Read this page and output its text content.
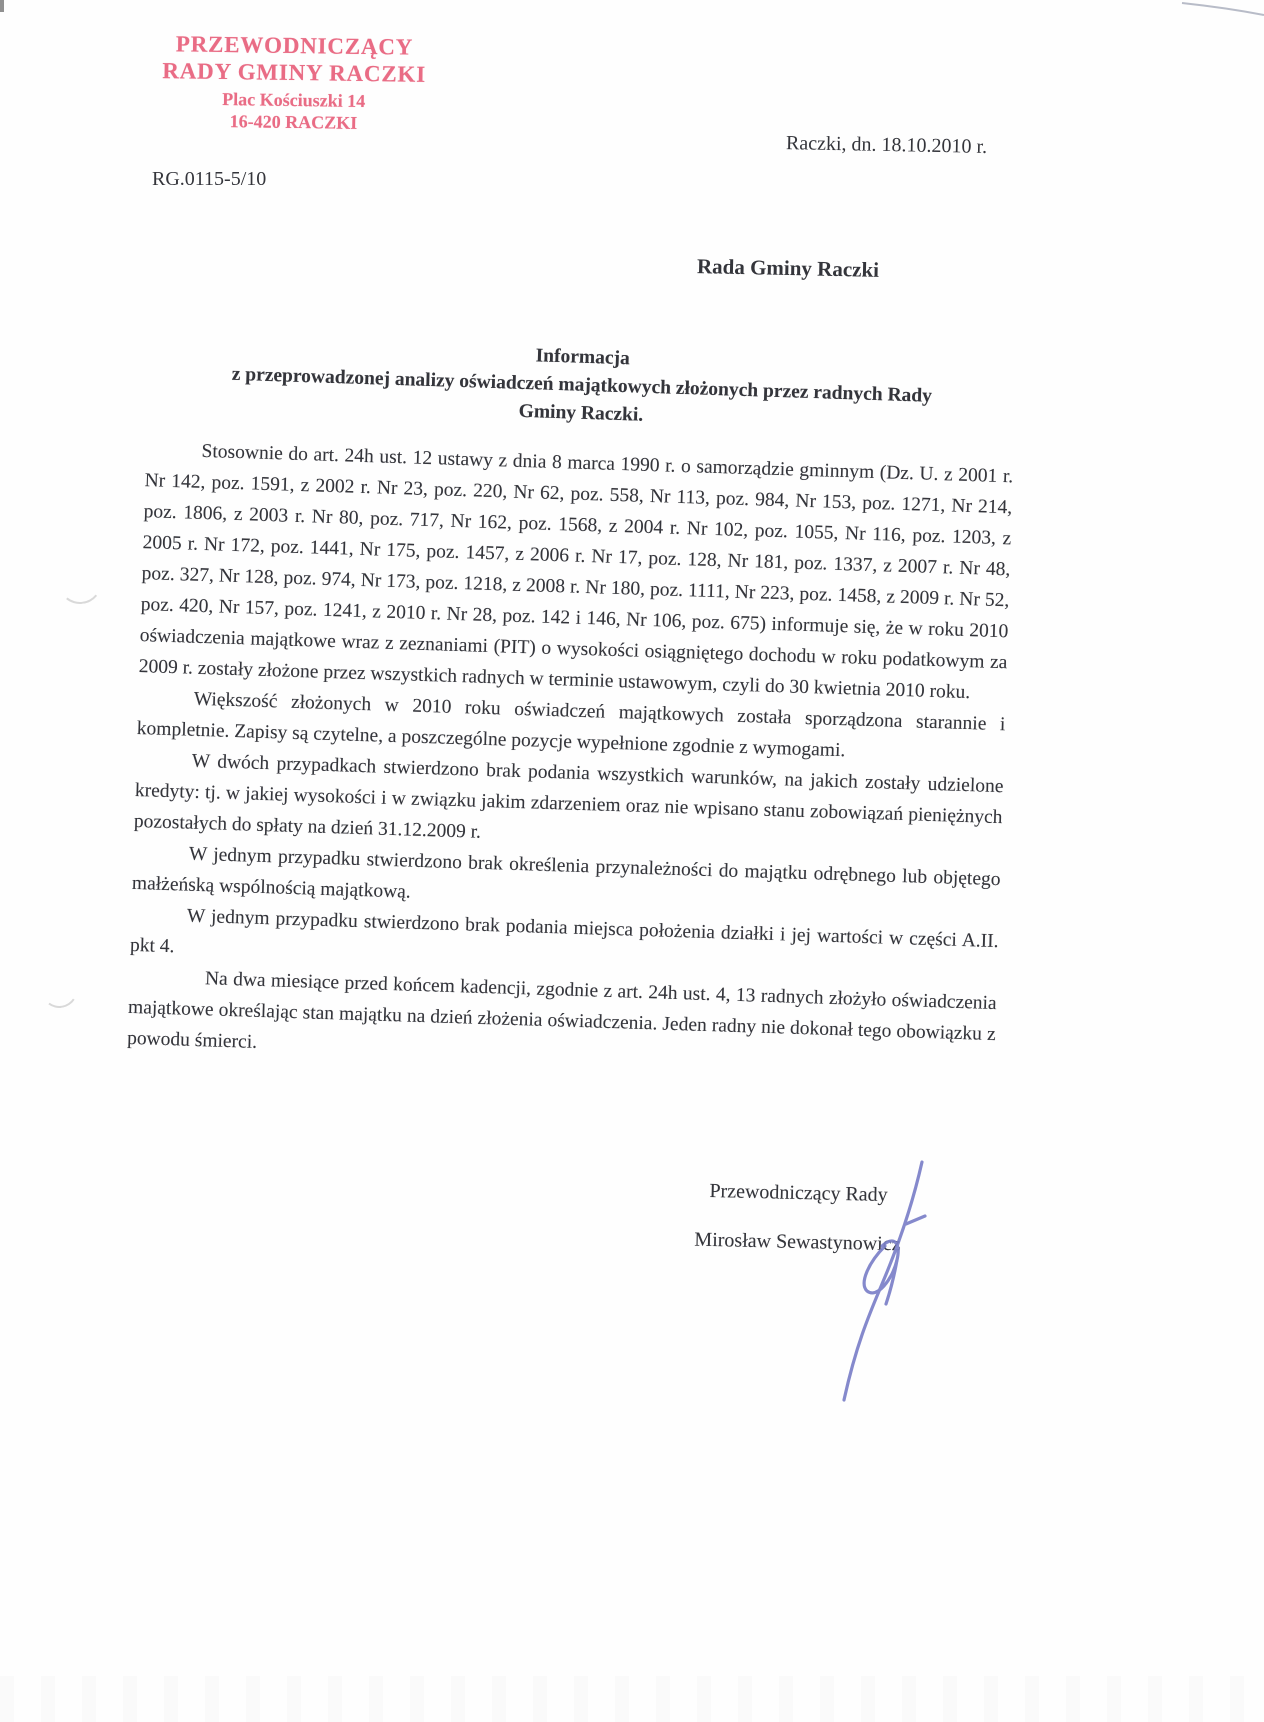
PRZEWODNICZĄCY
RADY GMINY RACZKI
Plac Kościuszki 14
16-420 RACZKI
Raczki, dn. 18.10.2010 r.
RG.0115-5/10
Rada Gminy Raczki
Informacja
z przeprowadzonej analizy oświadczeń majątkowych złożonych przez radnych Rady
Gminy Raczki.

Stosownie do art. 24h ust. 12 ustawy z dnia 8 marca 1990 r. o samorządzie gminnym (Dz. U. z 2001 r. Nr 142, poz. 1591, z 2002 r. Nr 23, poz. 220, Nr 62, poz. 558, Nr 113, poz. 984, Nr 153, poz. 1271, Nr 214, poz. 1806, z 2003 r. Nr 80, poz. 717, Nr 162, poz. 1568, z 2004 r. Nr 102, poz. 1055, Nr 116, poz. 1203, z 2005 r. Nr 172, poz. 1441, Nr 175, poz. 1457, z 2006 r. Nr 17, poz. 128, Nr 181, poz. 1337, z 2007 r. Nr 48, poz. 327, Nr 128, poz. 974, Nr 173, poz. 1218, z 2008 r. Nr 180, poz. 1111, Nr 223, poz. 1458, z 2009 r. Nr 52, poz. 420, Nr 157, poz. 1241, z 2010 r. Nr 28, poz. 142 i 146, Nr 106, poz. 675) informuje się, że w roku 2010 oświadczenia majątkowe wraz z zeznaniami (PIT) o wysokości osiągniętego dochodu w roku podatkowym za 2009 r. zostały złożone przez wszystkich radnych w terminie ustawowym, czyli do 30 kwietnia 2010 roku.

Większość złożonych w 2010 roku oświadczeń majątkowych została sporządzona starannie i kompletnie. Zapisy są czytelne, a poszczególne pozycje wypełnione zgodnie z wymogami.

W dwóch przypadkach stwierdzono brak podania wszystkich warunków, na jakich zostały udzielone kredyty: tj. w jakiej wysokości i w związku jakim zdarzeniem oraz nie wpisano stanu zobowiązań pieniężnych pozostałych do spłaty na dzień 31.12.2009 r.

W jednym przypadku stwierdzono brak określenia przynależności do majątku odrębnego lub objętego małżeńską wspólnością majątkową.

W jednym przypadku stwierdzono brak podania miejsca położenia działki i jej wartości w części A.II. pkt 4.

Na dwa miesiące przed końcem kadencji, zgodnie z art. 24h ust. 4, 13 radnych złożyło oświadczenia majątkowe określając stan majątku na dzień złożenia oświadczenia. Jeden radny nie dokonał tego obowiązku z powodu śmierci.

Przewodniczący Rady
Mirosław Sewastynowicz
